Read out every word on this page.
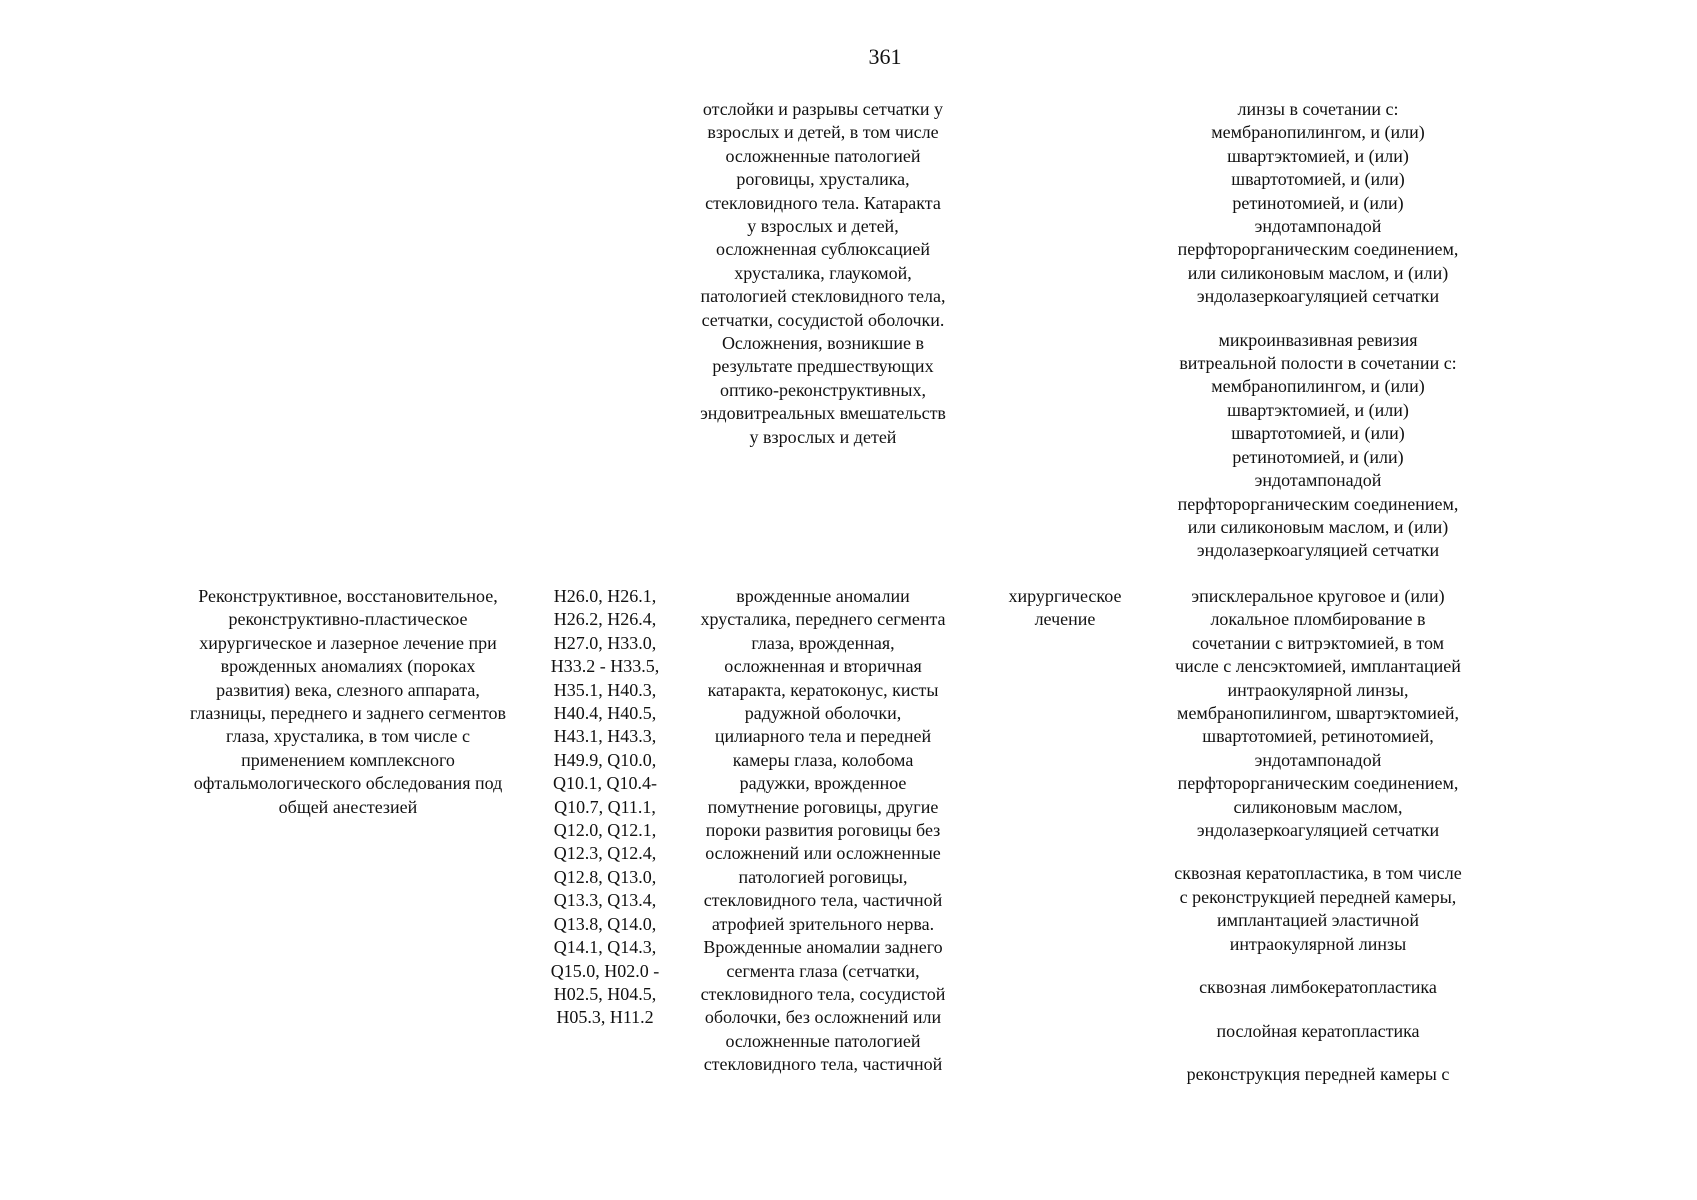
361
отслойки и разрывы сетчатки у
взрослых и детей, в том числе
осложненные патологией
роговицы, хрусталика,
стекловидного тела. Катаракта
у взрослых и детей,
осложненная сублюксацией
хрусталика, глаукомой,
патологией стекловидного тела,
сетчатки, сосудистой оболочки.
Осложнения, возникшие в
результате предшествующих
оптико-реконструктивных,
эндовитреальных вмешательств
у взрослых и детей
линзы в сочетании с:
мембранопилингом, и (или)
швартэктомией, и (или)
швартотомией, и (или)
ретинотомией, и (или)
эндотампонадой
перфторорганическим соединением,
или силиконовым маслом, и (или)
эндолазеркоагуляцией сетчатки
микроинвазивная ревизия
витреальной полости в сочетании с:
мембранопилингом, и (или)
швартэктомией, и (или)
швартотомией, и (или)
ретинотомией, и (или)
эндотампонадой
перфторорганическим соединением,
или силиконовым маслом, и (или)
эндолазеркоагуляцией сетчатки
Реконструктивное, восстановительное,
реконструктивно-пластическое
хирургическое и лазерное лечение при
врожденных аномалиях (пороках
развития) века, слезного аппарата,
глазницы, переднего и заднего сегментов
глаза, хрусталика, в том числе с
применением комплексного
офтальмологического обследования под
общей анестезией
H26.0, H26.1,
H26.2, H26.4,
H27.0, H33.0,
H33.2 - H33.5,
H35.1, H40.3,
H40.4, H40.5,
H43.1, H43.3,
H49.9, Q10.0,
Q10.1, Q10.4-
Q10.7, Q11.1,
Q12.0, Q12.1,
Q12.3, Q12.4,
Q12.8, Q13.0,
Q13.3, Q13.4,
Q13.8, Q14.0,
Q14.1, Q14.3,
Q15.0, H02.0 -
H02.5, H04.5,
H05.3, H11.2
врожденные аномалии
хрусталика, переднего сегмента
глаза, врожденная,
осложненная и вторичная
катаракта, кератоконус, кисты
радужной оболочки,
цилиарного тела и передней
камеры глаза, колобома
радужки, врожденное
помутнение роговицы, другие
пороки развития роговицы без
осложнений или осложненные
патологией роговицы,
стекловидного тела, частичной
атрофией зрительного нерва.
Врожденные аномалии заднего
сегмента глаза (сетчатки,
стекловидного тела, сосудистой
оболочки, без осложнений или
осложненные патологией
стекловидного тела, частичной
хирургическое
лечение
эписклеральное круговое и (или)
локальное пломбирование в
сочетании с витрэктомией, в том
числе с ленсэктомией, имплантацией
интраокулярной линзы,
мембранопилингом, швартэктомией,
швартотомией, ретинотомией,
эндотампонадой
перфторорганическим соединением,
силиконовым маслом,
эндолазеркоагуляцией сетчатки
сквозная кератопластика, в том числе
с реконструкцией передней камеры,
имплантацией эластичной
интраокулярной линзы
сквозная лимбокератопластика
послойная кератопластика
реконструкция передней камеры с
